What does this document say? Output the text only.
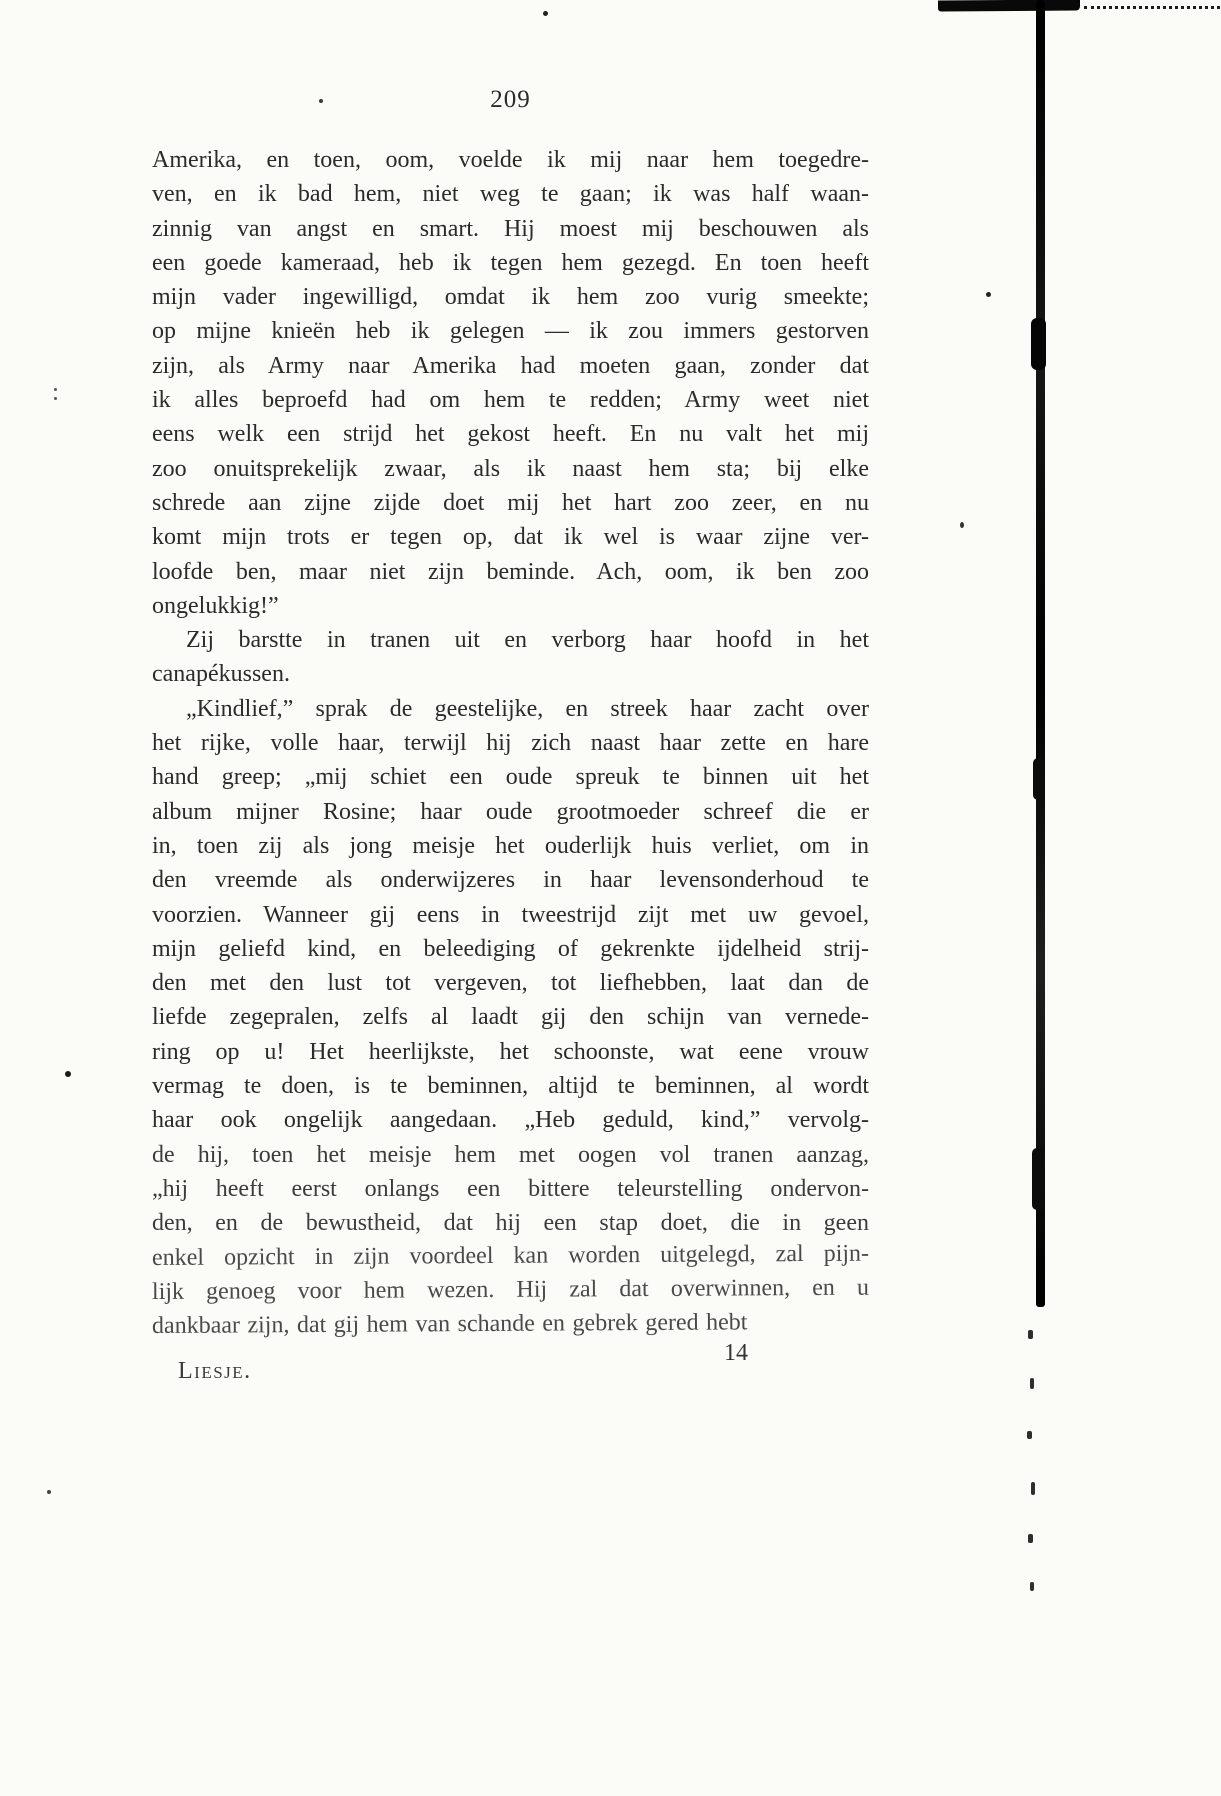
209
Amerika, en toen, oom, voelde ik mij naar hem toegedre-
ven, en ik bad hem, niet weg te gaan; ik was half waan-
zinnig van angst en smart. Hij moest mij beschouwen als
een goede kameraad, heb ik tegen hem gezegd. En toen heeft
mijn vader ingewilligd, omdat ik hem zoo vurig smeekte;
op mijne knieën heb ik gelegen — ik zou immers gestorven
zijn, als Army naar Amerika had moeten gaan, zonder dat
ik alles beproefd had om hem te redden; Army weet niet
eens welk een strijd het gekost heeft. En nu valt het mij
zoo onuitsprekelijk zwaar, als ik naast hem sta; bij elke
schrede aan zijne zijde doet mij het hart zoo zeer, en nu
komt mijn trots er tegen op, dat ik wel is waar zijne ver-
loofde ben, maar niet zijn beminde. Ach, oom, ik ben zoo
ongelukkig!”
Zij barstte in tranen uit en verborg haar hoofd in het
canapékussen.
„Kindlief,” sprak de geestelijke, en streek haar zacht over
het rijke, volle haar, terwijl hij zich naast haar zette en hare
hand greep; „mij schiet een oude spreuk te binnen uit het
album mijner Rosine; haar oude grootmoeder schreef die er
in, toen zij als jong meisje het ouderlijk huis verliet, om in
den vreemde als onderwijzeres in haar levensonderhoud te
voorzien. Wanneer gij eens in tweestrijd zijt met uw gevoel,
mijn geliefd kind, en beleediging of gekrenkte ijdelheid strij-
den met den lust tot vergeven, tot liefhebben, laat dan de
liefde zegepralen, zelfs al laadt gij den schijn van vernede-
ring op u! Het heerlijkste, het schoonste, wat eene vrouw
vermag te doen, is te beminnen, altijd te beminnen, al wordt
haar ook ongelijk aangedaan. „Heb geduld, kind,” vervolg-
de hij, toen het meisje hem met oogen vol tranen aanzag,
„hij heeft eerst onlangs een bittere teleurstelling ondervon-
den, en de bewustheid, dat hij een stap doet, die in geen
enkel opzicht in zijn voordeel kan worden uitgelegd, zal pijn-
lijk genoeg voor hem wezen. Hij zal dat overwinnen, en u
dankbaar zijn, dat gij hem van schande en gebrek gered hebt
Liesje.
14
